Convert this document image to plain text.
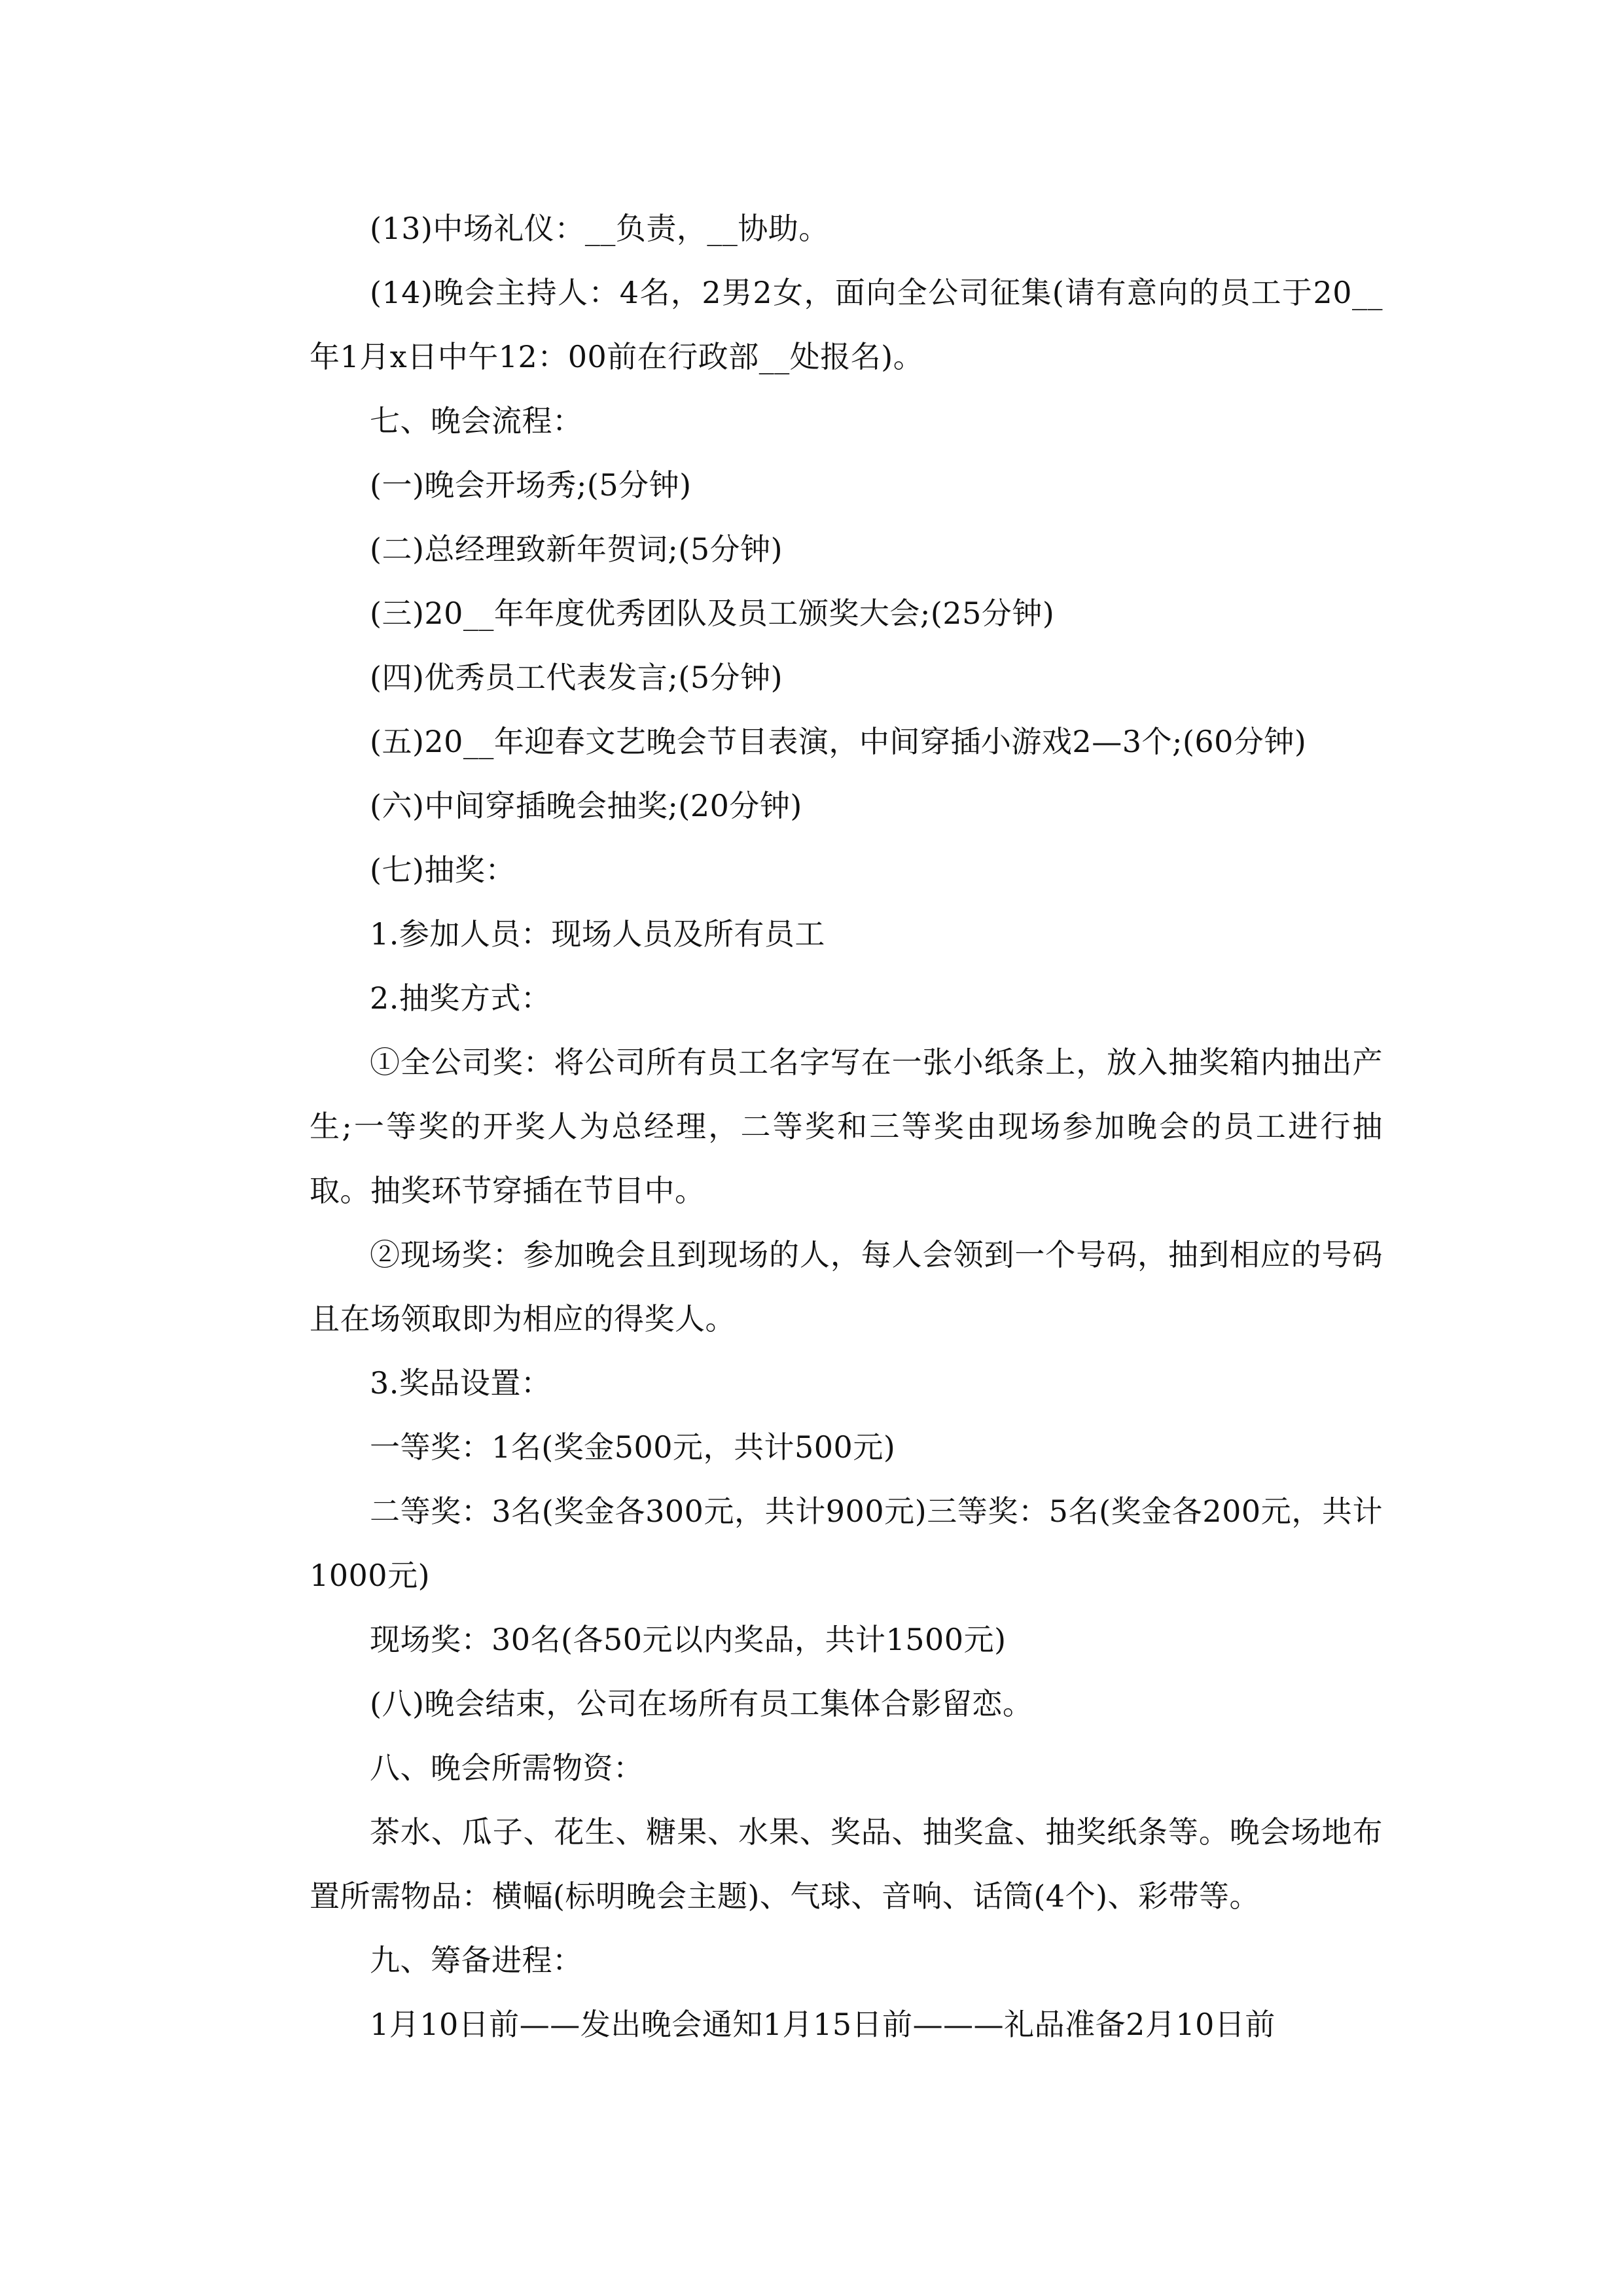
(13)中场礼仪：__负责，__协助。

(14)晚会主持人：4名，2男2女，面向全公司征集(请有意向的员工于20__年1月x日中午12：00前在行政部__处报名)。

七、晚会流程：

(一)晚会开场秀;(5分钟)

(二)总经理致新年贺词;(5分钟)

(三)20__年年度优秀团队及员工颁奖大会;(25分钟)

(四)优秀员工代表发言;(5分钟)

(五)20__年迎春文艺晚会节目表演，中间穿插小游戏2—3个;(60分钟)

(六)中间穿插晚会抽奖;(20分钟)

(七)抽奖：

1.参加人员：现场人员及所有员工

2.抽奖方式：

①全公司奖：将公司所有员工名字写在一张小纸条上，放入抽奖箱内抽出产生;一等奖的开奖人为总经理，二等奖和三等奖由现场参加晚会的员工进行抽取。抽奖环节穿插在节目中。

②现场奖：参加晚会且到现场的人，每人会领到一个号码，抽到相应的号码且在场领取即为相应的得奖人。

3.奖品设置：

一等奖：1名(奖金500元，共计500元)

二等奖：3名(奖金各300元，共计900元)三等奖：5名(奖金各200元，共计1000元)

现场奖：30名(各50元以内奖品，共计1500元)

(八)晚会结束，公司在场所有员工集体合影留恋。

八、晚会所需物资：

茶水、瓜子、花生、糖果、水果、奖品、抽奖盒、抽奖纸条等。晚会场地布置所需物品：横幅(标明晚会主题)、气球、音响、话筒(4个)、彩带等。

九、筹备进程：

1月10日前——发出晚会通知1月15日前———礼品准备2月10日前
